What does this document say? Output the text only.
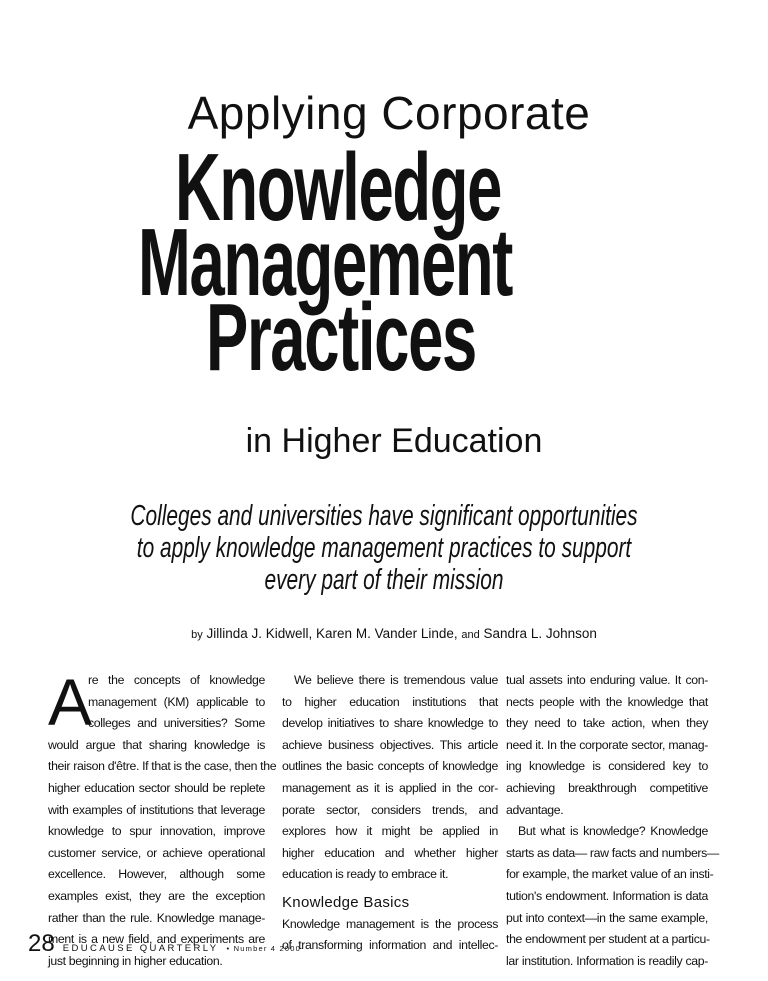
Applying Corporate
Knowledge
Management
Practices
in Higher Education
Colleges and universities have significant opportunities
to apply knowledge management practices to support
every part of their mission
by Jillinda J. Kidwell, Karen M. Vander Linde, and Sandra L. Johnson
A
re the concepts of knowledge
management (KM) applicable to
colleges and universities? Some
would argue that sharing knowledge is
their raison d'être. If that is the case, then the
higher education sector should be replete
with examples of institutions that leverage
knowledge to spur innovation, improve
customer service, or achieve operational
excellence. However, although some
examples exist, they are the exception
rather than the rule. Knowledge manage-
ment is a new field, and experiments are
just beginning in higher education.
We believe there is tremendous value
to higher education institutions that
develop initiatives to share knowledge to
achieve business objectives. This article
outlines the basic concepts of knowledge
management as it is applied in the cor-
porate sector, considers trends, and
explores how it might be applied in
higher education and whether higher
education is ready to embrace it.
Knowledge Basics
Knowledge management is the process
of transforming information and intellec-
tual assets into enduring value. It con-
nects people with the knowledge that
they need to take action, when they
need it. In the corporate sector, manag-
ing knowledge is considered key to
achieving breakthrough competitive
advantage.
But what is knowledge? Knowledge
starts as data— raw facts and numbers—
for example, the market value of an insti-
tution's endowment. Information is data
put into context—in the same example,
the endowment per student at a particu-
lar institution. Information is readily cap-
28 EDUCAUSE QUARTERLY • Number 4 2000
